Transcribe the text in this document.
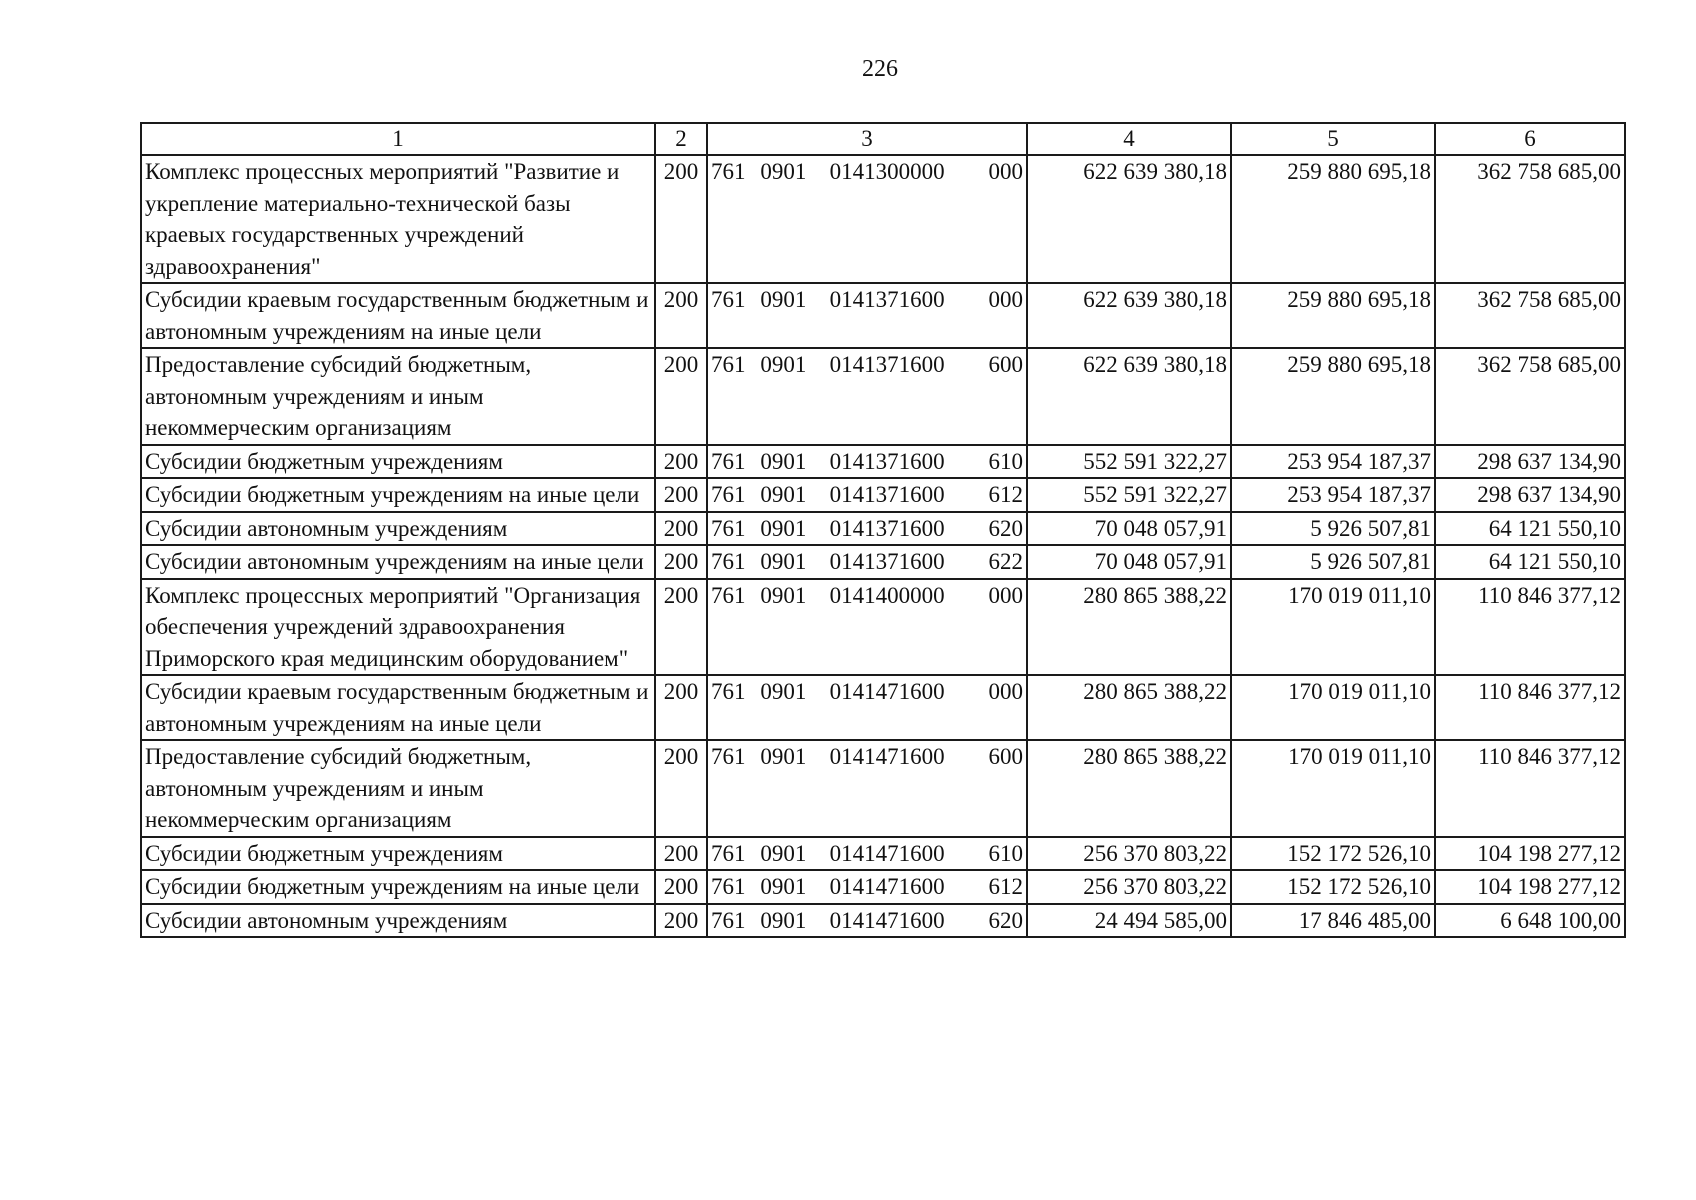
226
1	2	3	4	5	6
Комплекс процессных мероприятий "Развитие и укрепление материально-технической базы краевых государственных учреждений здравоохранения"	200	761 0901 0141300000 000	622 639 380,18	259 880 695,18	362 758 685,00
Субсидии краевым государственным бюджетным и автономным учреждениям на иные цели	200	761 0901 0141371600 000	622 639 380,18	259 880 695,18	362 758 685,00
Предоставление субсидий бюджетным, автономным учреждениям и иным некоммерческим организациям	200	761 0901 0141371600 600	622 639 380,18	259 880 695,18	362 758 685,00
Субсидии бюджетным учреждениям	200	761 0901 0141371600 610	552 591 322,27	253 954 187,37	298 637 134,90
Субсидии бюджетным учреждениям на иные цели	200	761 0901 0141371600 612	552 591 322,27	253 954 187,37	298 637 134,90
Субсидии автономным учреждениям	200	761 0901 0141371600 620	70 048 057,91	5 926 507,81	64 121 550,10
Субсидии автономным учреждениям на иные цели	200	761 0901 0141371600 622	70 048 057,91	5 926 507,81	64 121 550,10
Комплекс процессных мероприятий "Организация обеспечения учреждений здравоохранения Приморского края медицинским оборудованием"	200	761 0901 0141400000 000	280 865 388,22	170 019 011,10	110 846 377,12
Субсидии краевым государственным бюджетным и автономным учреждениям на иные цели	200	761 0901 0141471600 000	280 865 388,22	170 019 011,10	110 846 377,12
Предоставление субсидий бюджетным, автономным учреждениям и иным некоммерческим организациям	200	761 0901 0141471600 600	280 865 388,22	170 019 011,10	110 846 377,12
Субсидии бюджетным учреждениям	200	761 0901 0141471600 610	256 370 803,22	152 172 526,10	104 198 277,12
Субсидии бюджетным учреждениям на иные цели	200	761 0901 0141471600 612	256 370 803,22	152 172 526,10	104 198 277,12
Субсидии автономным учреждениям	200	761 0901 0141471600 620	24 494 585,00	17 846 485,00	6 648 100,00
